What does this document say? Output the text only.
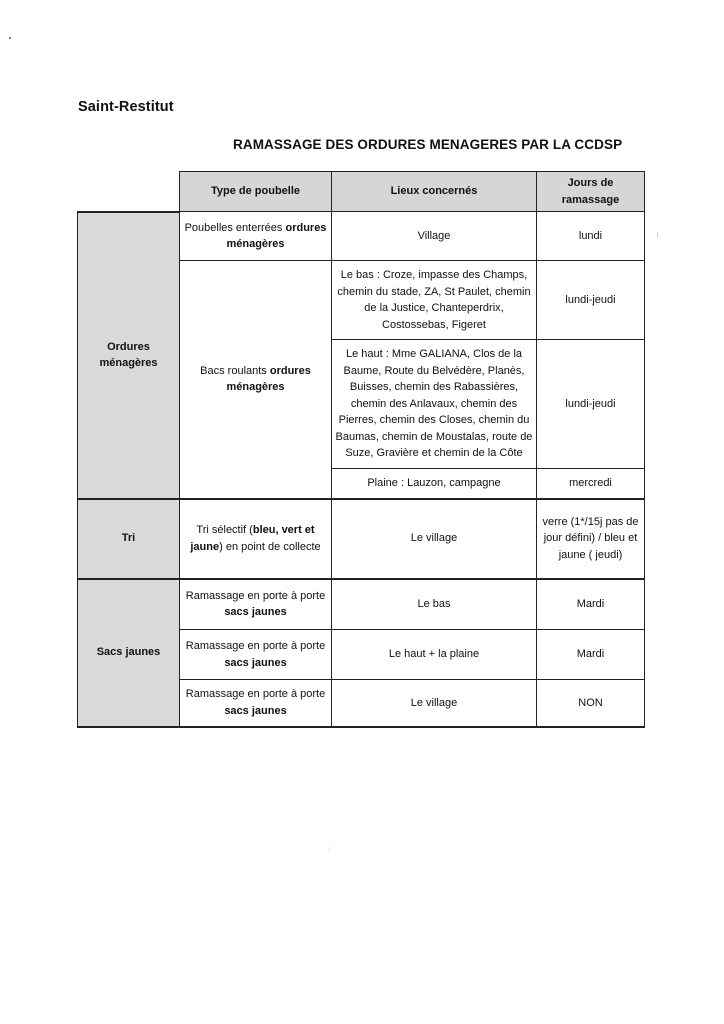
Saint-Restitut
RAMASSAGE DES ORDURES MENAGERES PAR LA CCDSP
	Type de poubelle	Lieux concernés	Jours de ramassage
Ordures ménagères	Poubelles enterrées ordures ménagères	Village	lundi
	Bacs roulants ordures ménagères	Le bas : Croze, impasse des Champs, chemin du stade, ZA, St Paulet, chemin de la Justice, Chanteperdrix, Costossebas, Figeret	lundi-jeudi
		Le haut : Mme GALIANA, Clos de la Baume, Route du Belvédère, Planès, Buisses, chemin des Rabassières, chemin des Anlavaux, chemin des Pierres, chemin des Closes, chemin du Baumas, chemin de Moustalas, route de Suze, Gravière et chemin de la Côte	lundi-jeudi
		Plaine : Lauzon, campagne	mercredi
Tri	Tri sélectif (bleu, vert et jaune) en point de collecte	Le village	verre (1*/15j pas de jour défini) / bleu et jaune ( jeudi)
Sacs jaunes	Ramassage en porte à porte sacs jaunes	Le bas	Mardi
	Ramassage en porte à porte sacs jaunes	Le haut + la plaine	Mardi
	Ramassage en porte à porte sacs jaunes	Le village	NON
